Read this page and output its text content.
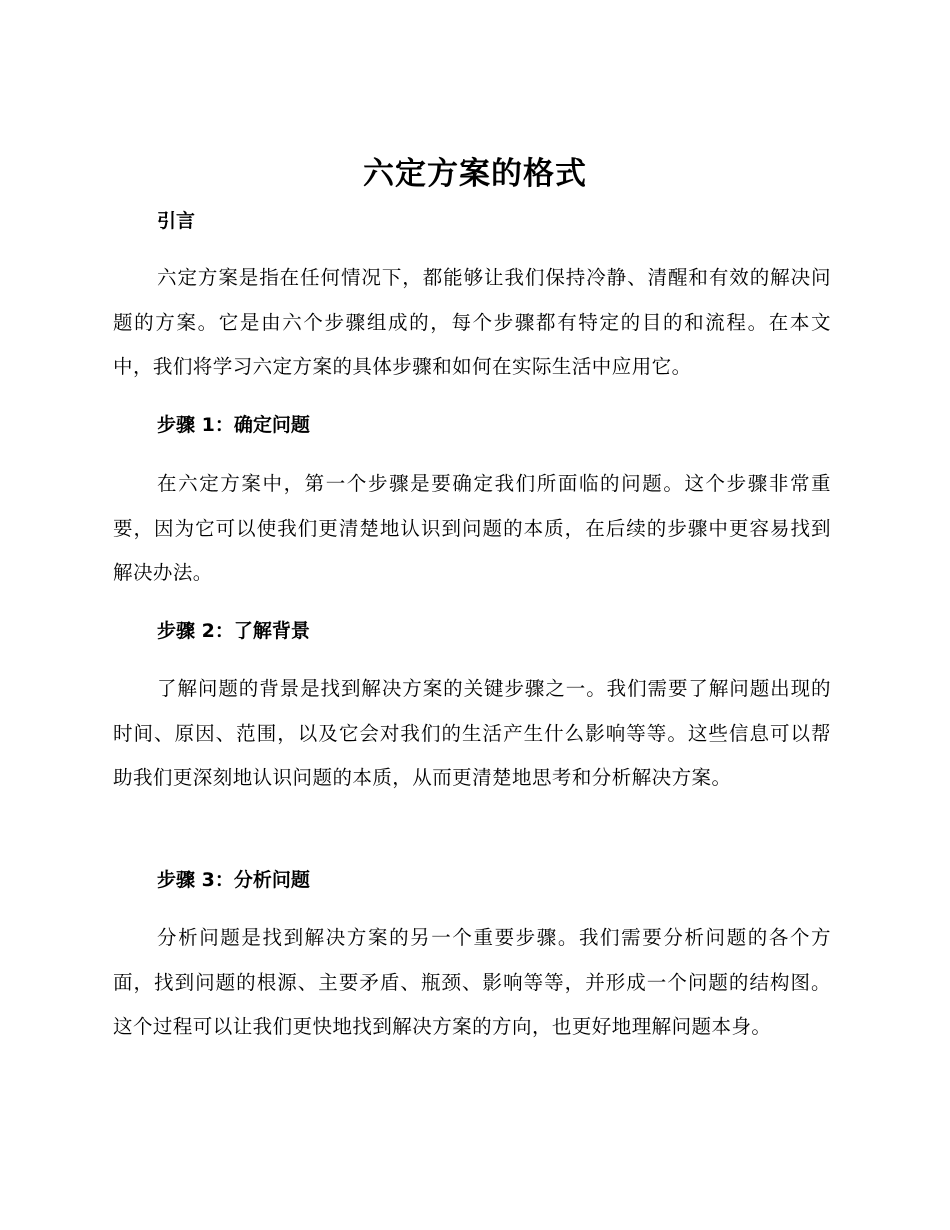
六定方案的格式
引言

六定方案是指在任何情况下，都能够让我们保持冷静、清醒和有效的解决问题的方案。它是由六个步骤组成的，每个步骤都有特定的目的和流程。在本文中，我们将学习六定方案的具体步骤和如何在实际生活中应用它。

步骤 1：确定问题

在六定方案中，第一个步骤是要确定我们所面临的问题。这个步骤非常重要，因为它可以使我们更清楚地认识到问题的本质，在后续的步骤中更容易找到解决办法。

步骤 2：了解背景

了解问题的背景是找到解决方案的关键步骤之一。我们需要了解问题出现的时间、原因、范围，以及它会对我们的生活产生什么影响等等。这些信息可以帮助我们更深刻地认识问题的本质，从而更清楚地思考和分析解决方案。

步骤 3：分析问题

分析问题是找到解决方案的另一个重要步骤。我们需要分析问题的各个方面，找到问题的根源、主要矛盾、瓶颈、影响等等，并形成一个问题的结构图。这个过程可以让我们更快地找到解决方案的方向，也更好地理解问题本身。
